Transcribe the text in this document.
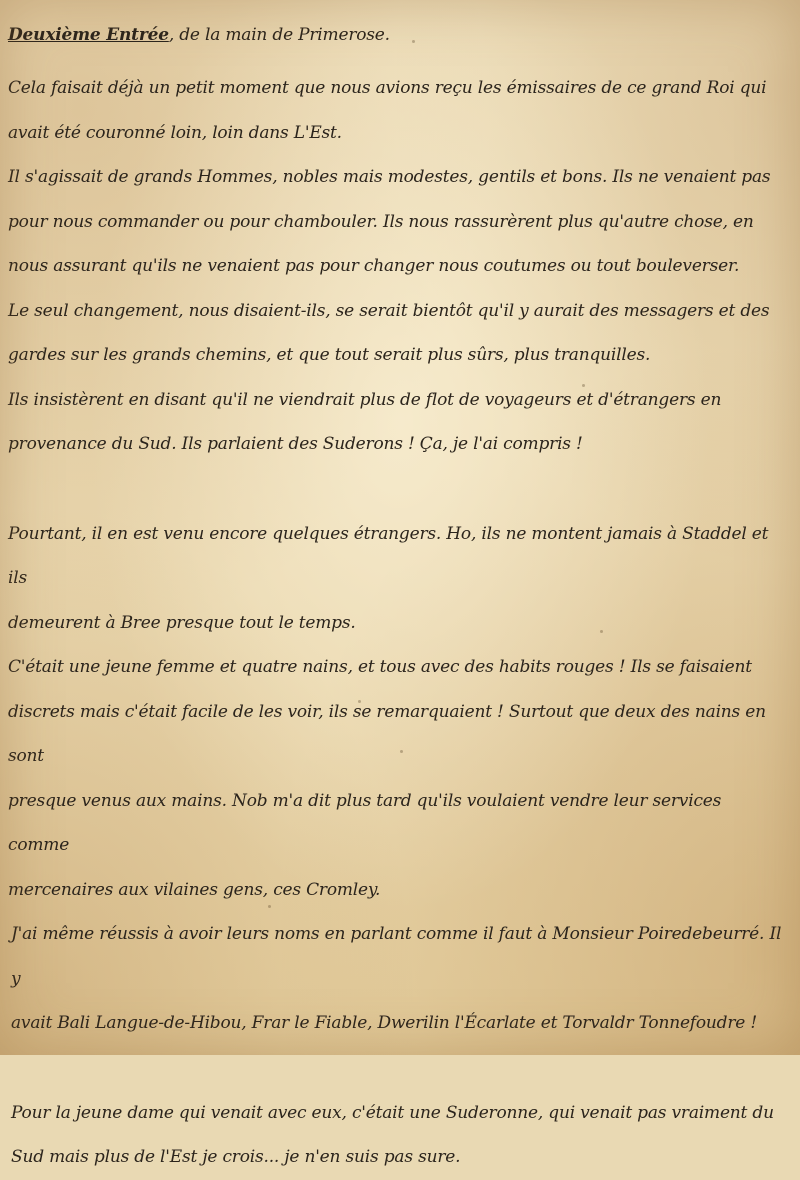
Deuxième Entrée, de la main de Primerose.

Cela faisait déjà un petit moment que nous avions reçu les émissaires de ce grand Roi qui

avait été couronné loin, loin dans L'Est.

Il s'agissait de grands Hommes, nobles mais modestes, gentils et bons. Ils ne venaient pas

pour nous commander ou pour chambouler. Ils nous rassurèrent plus qu'autre chose, en

nous assurant qu'ils ne venaient pas pour changer nous coutumes ou tout bouleverser.

Le seul changement, nous disaient-ils, se serait bientôt qu'il y aurait des messagers et des

gardes sur les grands chemins, et que tout serait plus sûrs, plus tranquilles.

Ils insistèrent en disant qu'il ne viendrait plus de flot de voyageurs et d'étrangers en

provenance du Sud. Ils parlaient des Suderons ! Ça, je l'ai compris !

Pourtant, il en est venu encore quelques étrangers. Ho, ils ne montent jamais à Staddel et ils

demeurent à Bree presque tout le temps.

C'était une jeune femme et quatre nains, et tous avec des habits rouges ! Ils se faisaient

discrets mais c'était facile de les voir, ils se remarquaient ! Surtout que deux des nains en sont

presque venus aux mains. Nob m'a dit plus tard qu'ils voulaient vendre leur services comme

mercenaires aux vilaines gens, ces Cromley.

J'ai même réussis à avoir leurs noms en parlant comme il faut à Monsieur Poiredebeurré. Il y

avait Bali Langue-de-Hibou, Frar le Fiable, Dwerilin l'Écarlate et Torvaldr Tonnefoudre !

Pour la jeune dame qui venait avec eux, c'était une Suderonne, qui venait pas vraiment du

Sud mais plus de l'Est je crois... je n'en suis pas sure.
